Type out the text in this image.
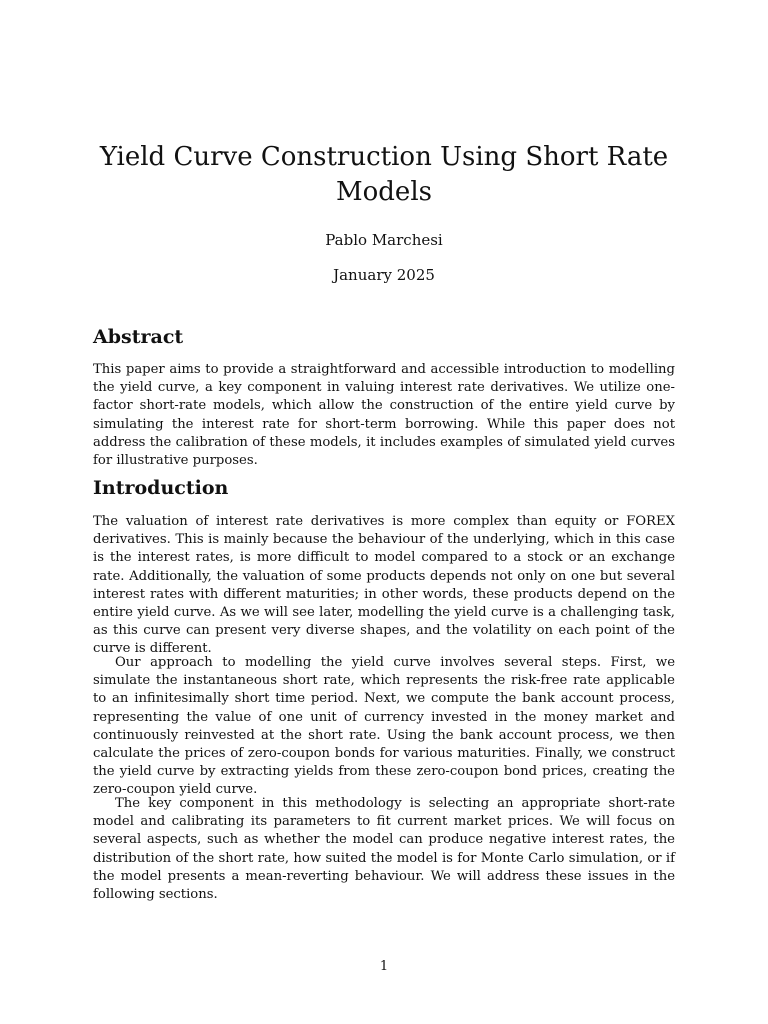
Yield Curve Construction Using Short Rate Models
Pablo Marchesi
January 2025
Abstract

This paper aims to provide a straightforward and accessible introduction to modelling the yield curve, a key component in valuing interest rate derivatives. We utilize one-factor short-rate models, which allow the construction of the entire yield curve by simulating the interest rate for short-term borrowing. While this paper does not address the calibration of these models, it includes examples of simulated yield curves for illustrative purposes.

Introduction

The valuation of interest rate derivatives is more complex than equity or FOREX derivatives. This is mainly because the behaviour of the underlying, which in this case is the interest rates, is more difficult to model compared to a stock or an exchange rate. Additionally, the valuation of some products depends not only on one but several interest rates with different maturities; in other words, these products depend on the entire yield curve. As we will see later, modelling the yield curve is a challenging task, as this curve can present very diverse shapes, and the volatility on each point of the curve is different.

Our approach to modelling the yield curve involves several steps. First, we simulate the instantaneous short rate, which represents the risk-free rate applicable to an infinitesimally short time period. Next, we compute the bank account process, representing the value of one unit of currency invested in the money market and continuously reinvested at the short rate. Using the bank account process, we then calculate the prices of zero-coupon bonds for various maturities. Finally, we construct the yield curve by extracting yields from these zero-coupon bond prices, creating the zero-coupon yield curve.

The key component in this methodology is selecting an appropriate short-rate model and calibrating its parameters to fit current market prices. We will focus on several aspects, such as whether the model can produce negative interest rates, the distribution of the short rate, how suited the model is for Monte Carlo simulation, or if the model presents a mean-reverting behaviour. We will address these issues in the following sections.

1
